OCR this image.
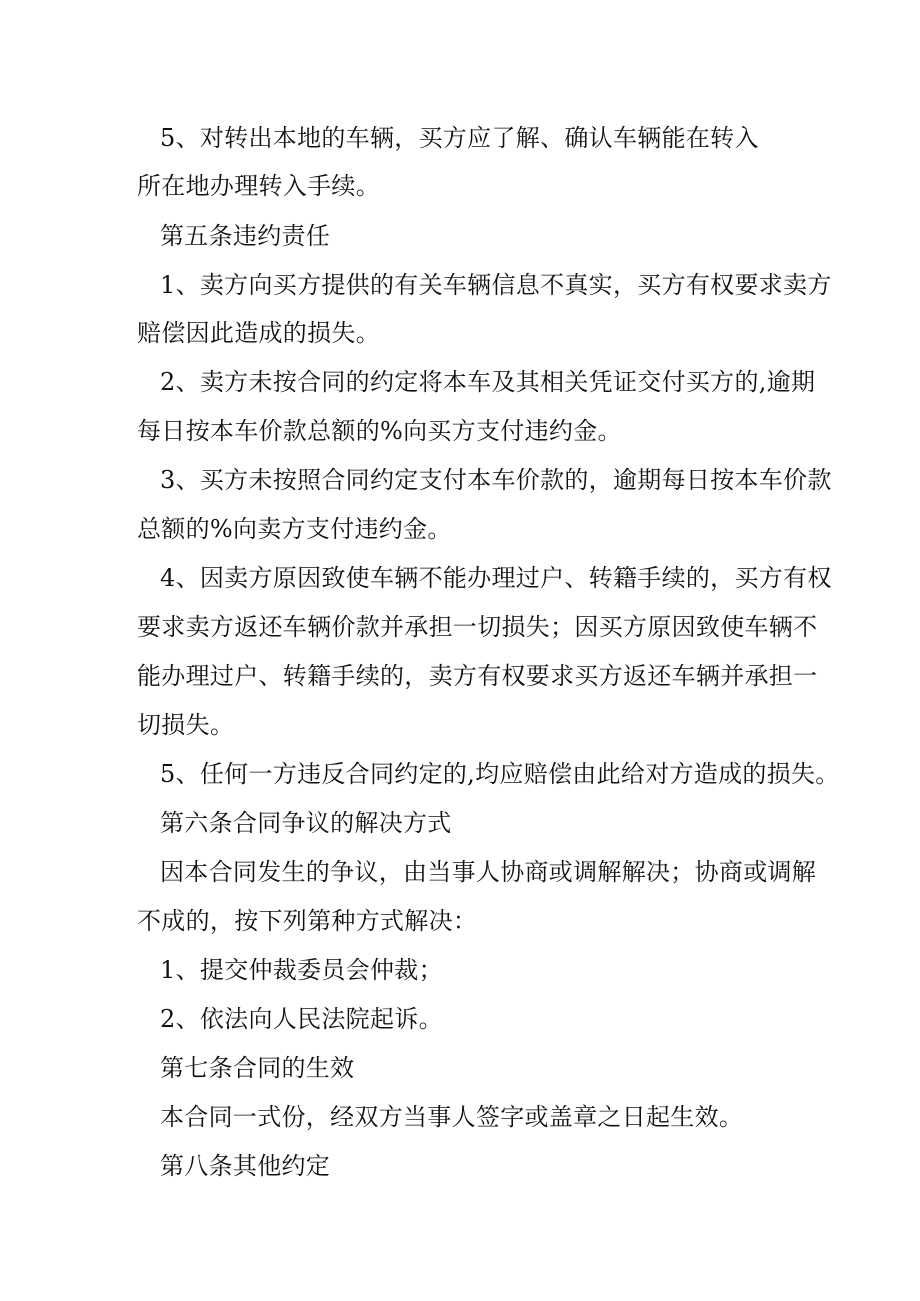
5、对转出本地的车辆，买方应了解、确认车辆能在转入
所在地办理转入手续。
第五条违约责任
1、卖方向买方提供的有关车辆信息不真实，买方有权要求卖方
赔偿因此造成的损失。
2、卖方未按合同的约定将本车及其相关凭证交付买方的,逾期
每日按本车价款总额的%向买方支付违约金。
3、买方未按照合同约定支付本车价款的，逾期每日按本车价款
总额的%向卖方支付违约金。
4、因卖方原因致使车辆不能办理过户、转籍手续的，买方有权
要求卖方返还车辆价款并承担一切损失；因买方原因致使车辆不
能办理过户、转籍手续的，卖方有权要求买方返还车辆并承担一
切损失。
5、任何一方违反合同约定的,均应赔偿由此给对方造成的损失。
第六条合同争议的解决方式
因本合同发生的争议，由当事人协商或调解解决；协商或调解
不成的，按下列第种方式解决：
1、提交仲裁委员会仲裁；
2、依法向人民法院起诉。
第七条合同的生效
本合同一式份，经双方当事人签字或盖章之日起生效。
第八条其他约定
